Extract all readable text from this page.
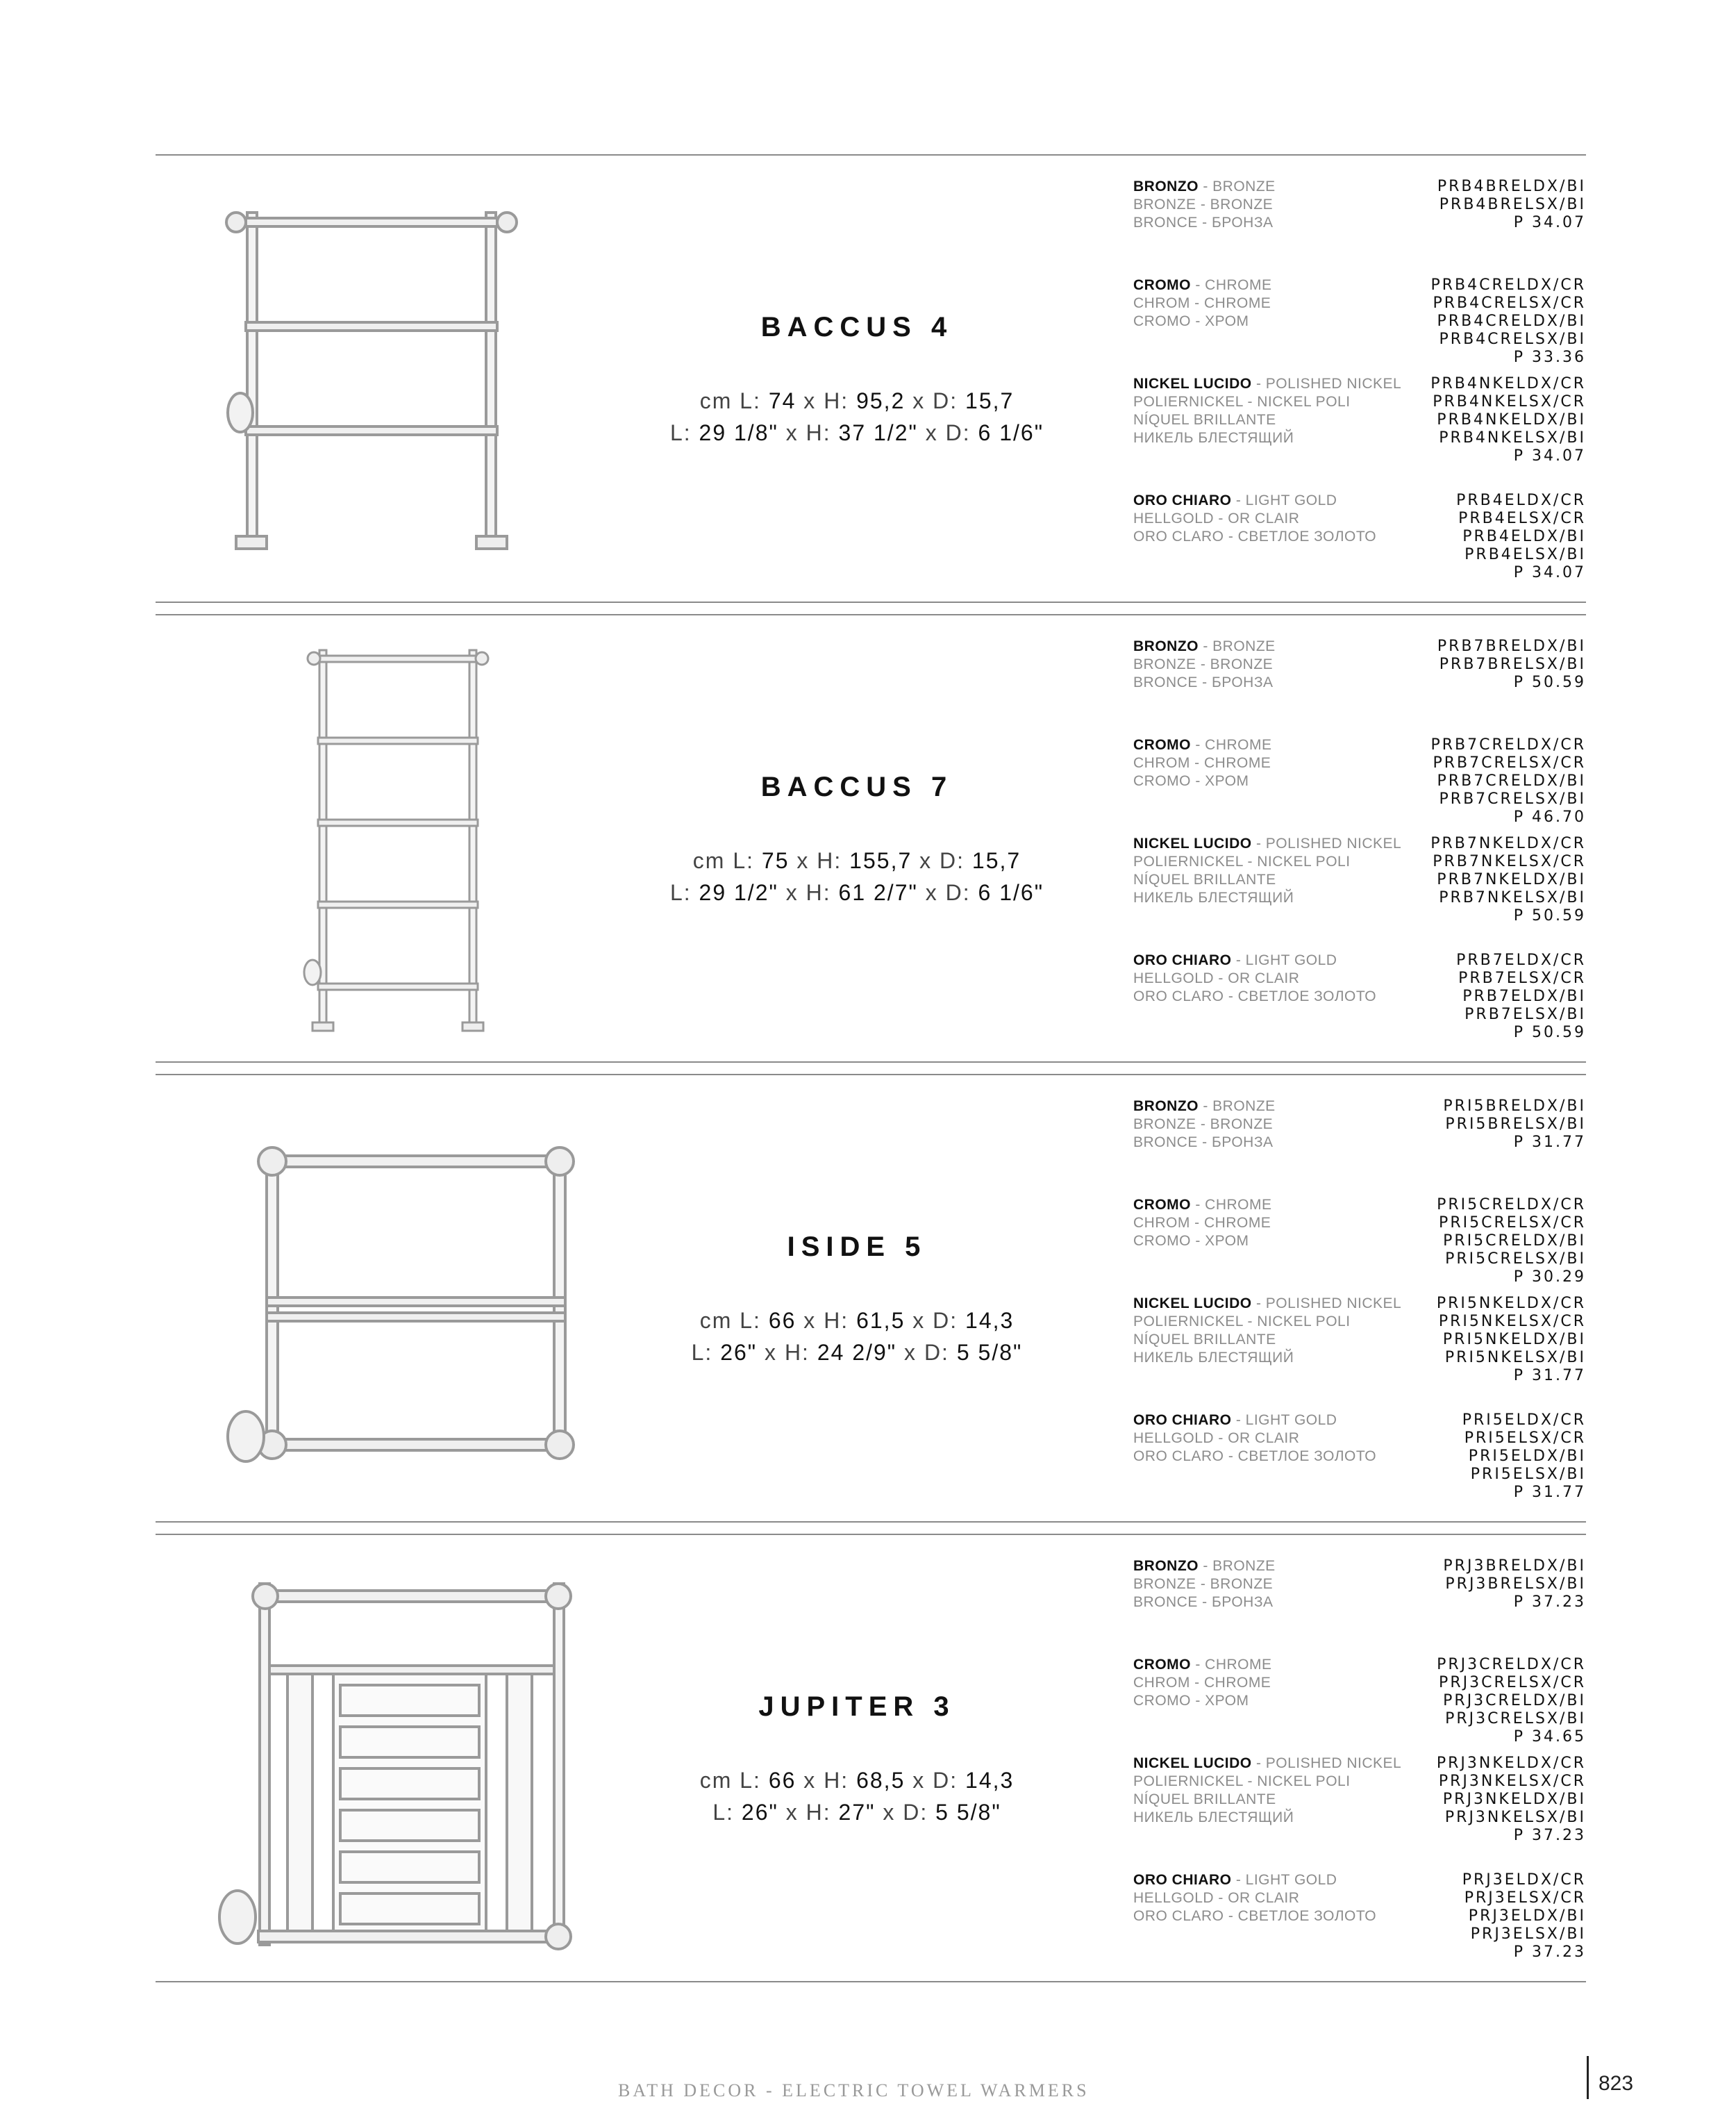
BACCUS 4
cm L: 74 x H: 95,2 x D: 15,7
L: 29 1/8" x H: 37 1/2" x D: 6 1/6"
BRONZO - BRONZE
BRONZE - BRONZE
BRONCE - БРОНЗА
PRB4BRELDX/BI
PRB4BRELSX/BI
P 34.07
CROMO - CHROME
CHROM - CHROME
CROMO - ХРОМ
PRB4CRELDX/CR
PRB4CRELSX/CR
PRB4CRELDX/BI
PRB4CRELSX/BI
P 33.36
NICKEL LUCIDO - POLISHED NICKEL
POLIERNICKEL - NICKEL POLI
NÍQUEL BRILLANTE
НИКЕЛЬ БЛЕСТЯЩИЙ
PRB4NKELDX/CR
PRB4NKELSX/CR
PRB4NKELDX/BI
PRB4NKELSX/BI
P 34.07
ORO CHIARO - LIGHT GOLD
HELLGOLD - OR CLAIR
ORO CLARO - СВЕТЛОЕ ЗОЛОТО
PRB4ELDX/CR
PRB4ELSX/CR
PRB4ELDX/BI
PRB4ELSX/BI
P 34.07
BACCUS 7
cm L: 75 x H: 155,7 x D: 15,7
L: 29 1/2" x H: 61 2/7" x D: 6 1/6"
BRONZO - BRONZE
BRONZE - BRONZE
BRONCE - БРОНЗА
PRB7BRELDX/BI
PRB7BRELSX/BI
P 50.59
CROMO - CHROME
CHROM - CHROME
CROMO - ХРОМ
PRB7CRELDX/CR
PRB7CRELSX/CR
PRB7CRELDX/BI
PRB7CRELSX/BI
P 46.70
NICKEL LUCIDO - POLISHED NICKEL
POLIERNICKEL - NICKEL POLI
NÍQUEL BRILLANTE
НИКЕЛЬ БЛЕСТЯЩИЙ
PRB7NKELDX/CR
PRB7NKELSX/CR
PRB7NKELDX/BI
PRB7NKELSX/BI
P 50.59
ORO CHIARO - LIGHT GOLD
HELLGOLD - OR CLAIR
ORO CLARO - СВЕТЛОЕ ЗОЛОТО
PRB7ELDX/CR
PRB7ELSX/CR
PRB7ELDX/BI
PRB7ELSX/BI
P 50.59
ISIDE 5
cm L: 66 x H: 61,5 x D: 14,3
L: 26" x H: 24 2/9" x D: 5 5/8"
BRONZO - BRONZE
BRONZE - BRONZE
BRONCE - БРОНЗА
PRI5BRELDX/BI
PRI5BRELSX/BI
P 31.77
CROMO - CHROME
CHROM - CHROME
CROMO - ХРОМ
PRI5CRELDX/CR
PRI5CRELSX/CR
PRI5CRELDX/BI
PRI5CRELSX/BI
P 30.29
NICKEL LUCIDO - POLISHED NICKEL
POLIERNICKEL - NICKEL POLI
NÍQUEL BRILLANTE
НИКЕЛЬ БЛЕСТЯЩИЙ
PRI5NKELDX/CR
PRI5NKELSX/CR
PRI5NKELDX/BI
PRI5NKELSX/BI
P 31.77
ORO CHIARO - LIGHT GOLD
HELLGOLD - OR CLAIR
ORO CLARO - СВЕТЛОЕ ЗОЛОТО
PRI5ELDX/CR
PRI5ELSX/CR
PRI5ELDX/BI
PRI5ELSX/BI
P 31.77
JUPITER 3
cm L: 66 x H: 68,5 x D: 14,3
L: 26" x H: 27" x D: 5 5/8"
BRONZO - BRONZE
BRONZE - BRONZE
BRONCE - БРОНЗА
PRJ3BRELDX/BI
PRJ3BRELSX/BI
P 37.23
CROMO - CHROME
CHROM - CHROME
CROMO - ХРОМ
PRJ3CRELDX/CR
PRJ3CRELSX/CR
PRJ3CRELDX/BI
PRJ3CRELSX/BI
P 34.65
NICKEL LUCIDO - POLISHED NICKEL
POLIERNICKEL - NICKEL POLI
NÍQUEL BRILLANTE
НИКЕЛЬ БЛЕСТЯЩИЙ
PRJ3NKELDX/CR
PRJ3NKELSX/CR
PRJ3NKELDX/BI
PRJ3NKELSX/BI
P 37.23
ORO CHIARO - LIGHT GOLD
HELLGOLD - OR CLAIR
ORO CLARO - СВЕТЛОЕ ЗОЛОТО
PRJ3ELDX/CR
PRJ3ELSX/CR
PRJ3ELDX/BI
PRJ3ELSX/BI
P 37.23
BATH DECOR - ELECTRIC TOWEL WARMERS	823
